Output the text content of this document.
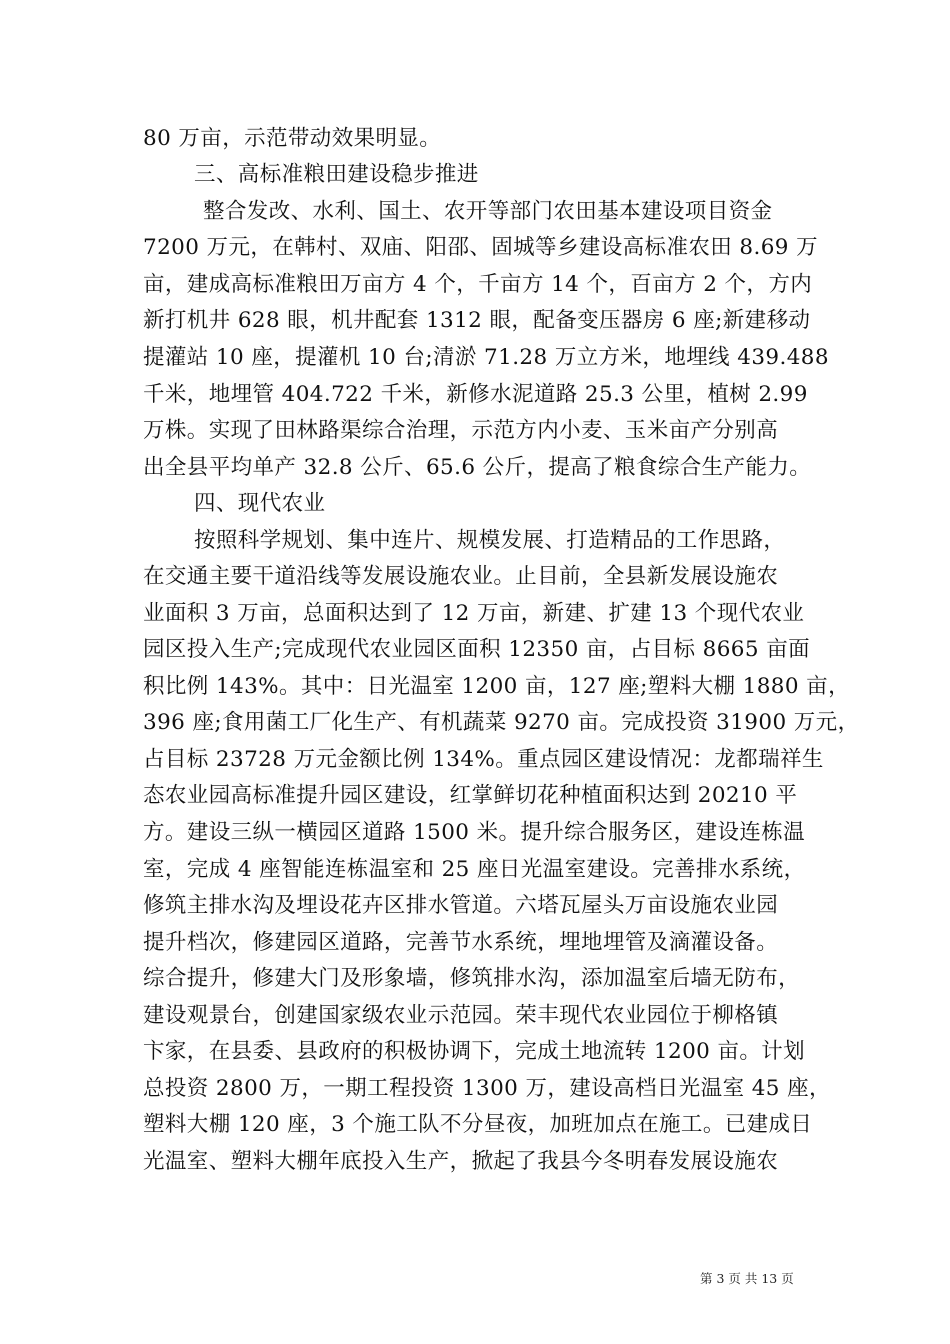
80 万亩，示范带动效果明显。
三、高标准粮田建设稳步推进
整合发改、水利、国土、农开等部门农田基本建设项目资金
7200 万元，在韩村、双庙、阳邵、固城等乡建设高标准农田 8.69 万
亩，建成高标准粮田万亩方 4 个，千亩方 14 个，百亩方 2 个，方内
新打机井 628 眼，机井配套 1312 眼，配备变压器房 6 座;新建移动
提灌站 10 座，提灌机 10 台;清淤 71.28 万立方米，地埋线 439.488
千米，地埋管 404.722 千米，新修水泥道路 25.3 公里，植树 2.99
万株。实现了田林路渠综合治理，示范方内小麦、玉米亩产分别高
出全县平均单产 32.8 公斤、65.6 公斤，提高了粮食综合生产能力。
四、现代农业
按照科学规划、集中连片、规模发展、打造精品的工作思路，
在交通主要干道沿线等发展设施农业。止目前，全县新发展设施农
业面积 3 万亩，总面积达到了 12 万亩，新建、扩建 13 个现代农业
园区投入生产;完成现代农业园区面积 12350 亩，占目标 8665 亩面
积比例 143%。其中：日光温室 1200 亩，127 座;塑料大棚 1880 亩，
396 座;食用菌工厂化生产、有机蔬菜 9270 亩。完成投资 31900 万元，
占目标 23728 万元金额比例 134%。重点园区建设情况：龙都瑞祥生
态农业园高标准提升园区建设，红掌鲜切花种植面积达到 20210 平
方。建设三纵一横园区道路 1500 米。提升综合服务区，建设连栋温
室，完成 4 座智能连栋温室和 25 座日光温室建设。完善排水系统，
修筑主排水沟及埋设花卉区排水管道。六塔瓦屋头万亩设施农业园
提升档次，修建园区道路，完善节水系统，埋地埋管及滴灌设备。
综合提升，修建大门及形象墙，修筑排水沟，添加温室后墙无防布，
建设观景台，创建国家级农业示范园。荣丰现代农业园位于柳格镇
卞家，在县委、县政府的积极协调下，完成土地流转 1200 亩。计划
总投资 2800 万，一期工程投资 1300 万，建设高档日光温室 45 座，
塑料大棚 120 座，3 个施工队不分昼夜，加班加点在施工。已建成日
光温室、塑料大棚年底投入生产，掀起了我县今冬明春发展设施农
第 3 页 共 13 页
